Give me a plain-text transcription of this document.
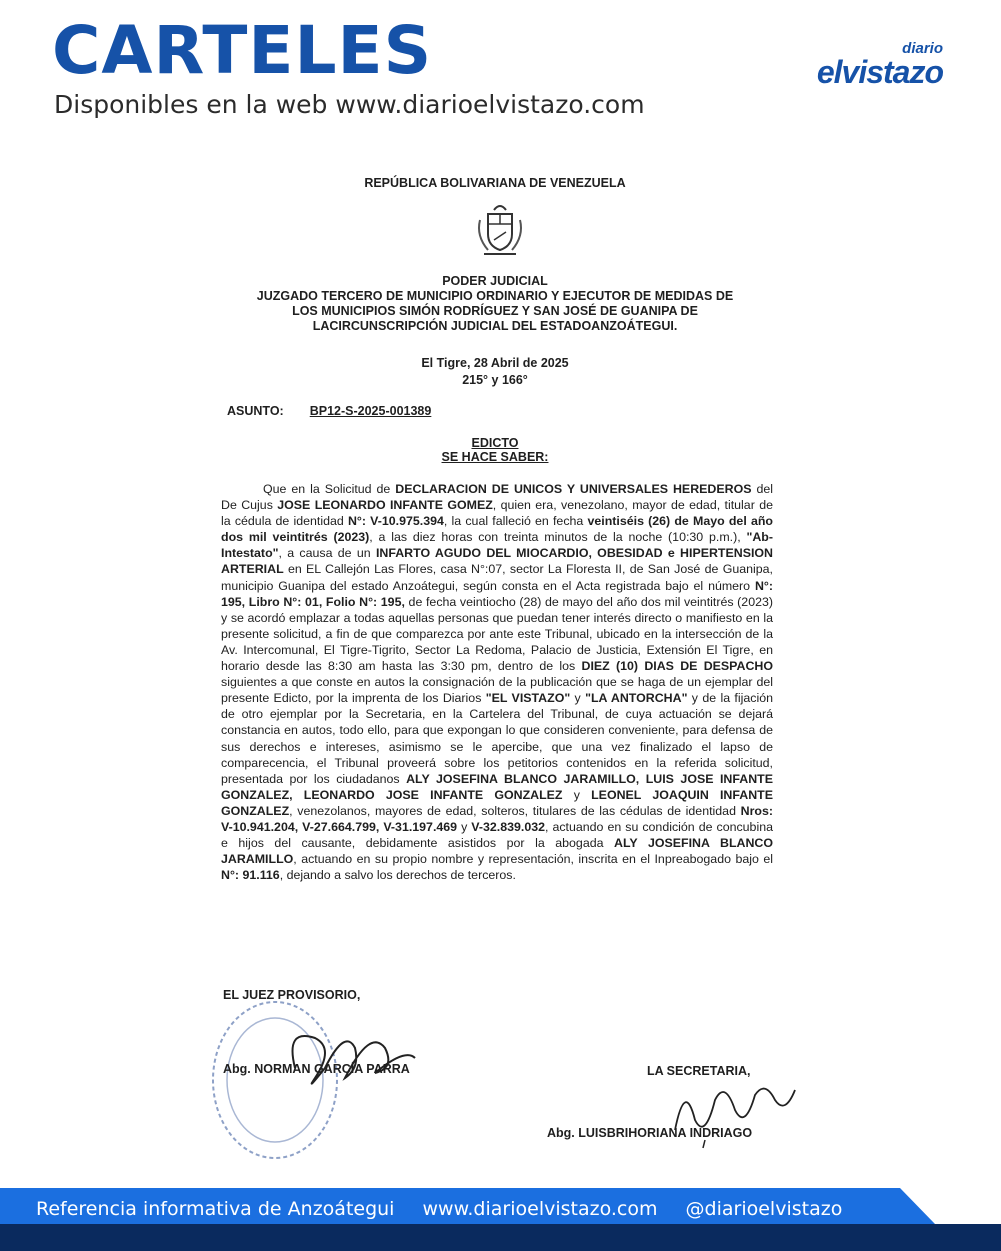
CARTELES
Disponibles en la web www.diarioelvistazo.com
diario
elvistazo
REPÚBLICA BOLIVARIANA DE VENEZUELA
PODER JUDICIAL
JUZGADO TERCERO DE MUNICIPIO ORDINARIO Y EJECUTOR DE MEDIDAS DE
LOS MUNICIPIOS SIMÓN RODRÍGUEZ Y SAN JOSÉ DE GUANIPA DE
LACIRCUNSCRIPCIÓN JUDICIAL DEL ESTADOANZOÁTEGUI.
El Tigre, 28 Abril de 2025
215° y 166°
ASUNTO: BP12-S-2025-001389
EDICTO
SE HACE SABER:
Que en la Solicitud de DECLARACION DE UNICOS Y UNIVERSALES HEREDEROS del De Cujus JOSE LEONARDO INFANTE GOMEZ, quien era, venezolano, mayor de edad, titular de la cédula de identidad N°: V-10.975.394, la cual falleció en fecha veintiséis (26) de Mayo del año dos mil veintitrés (2023), a las diez horas con treinta minutos de la noche (10:30 p.m.), "Ab-Intestato", a causa de un INFARTO AGUDO DEL MIOCARDIO, OBESIDAD e HIPERTENSION ARTERIAL en EL Callejón Las Flores, casa N°:07, sector La Floresta II, de San José de Guanipa, municipio Guanipa del estado Anzoátegui, según consta en el Acta registrada bajo el número N°: 195, Libro N°: 01, Folio N°: 195, de fecha veintiocho (28) de mayo del año dos mil veintitrés (2023) y se acordó emplazar a todas aquellas personas que puedan tener interés directo o manifiesto en la presente solicitud, a fin de que comparezca por ante este Tribunal, ubicado en la intersección de la Av. Intercomunal, El Tigre-Tigrito, Sector La Redoma, Palacio de Justicia, Extensión El Tigre, en horario desde las 8:30 am hasta las 3:30 pm, dentro de los DIEZ (10) DIAS DE DESPACHO siguientes a que conste en autos la consignación de la publicación que se haga de un ejemplar del presente Edicto, por la imprenta de los Diarios "EL VISTAZO" y "LA ANTORCHA" y de la fijación de otro ejemplar por la Secretaria, en la Cartelera del Tribunal, de cuya actuación se dejará constancia en autos, todo ello, para que expongan lo que consideren conveniente, para defensa de sus derechos e intereses, asimismo se le apercibe, que una vez finalizado el lapso de comparecencia, el Tribunal proveerá sobre los petitorios contenidos en la referida solicitud, presentada por los ciudadanos ALY JOSEFINA BLANCO JARAMILLO, LUIS JOSE INFANTE GONZALEZ, LEONARDO JOSE INFANTE GONZALEZ y LEONEL JOAQUIN INFANTE GONZALEZ, venezolanos, mayores de edad, solteros, titulares de las cédulas de identidad Nros: V-10.941.204, V-27.664.799, V-31.197.469 y V-32.839.032, actuando en su condición de concubina e hijos del causante, debidamente asistidos por la abogada ALY JOSEFINA BLANCO JARAMILLO, actuando en su propio nombre y representación, inscrita en el Inpreabogado bajo el N°: 91.116, dejando a salvo los derechos de terceros.
EL JUEZ PROVISORIO,
Abg. NORMAN GARCÍA PARRA	LA SECRETARIA,
Abg. LUISBRIHORIANA INDRIAGO
Referencia informativa de Anzoátegui www.diarioelvistazo.com @diarioelvistazo
